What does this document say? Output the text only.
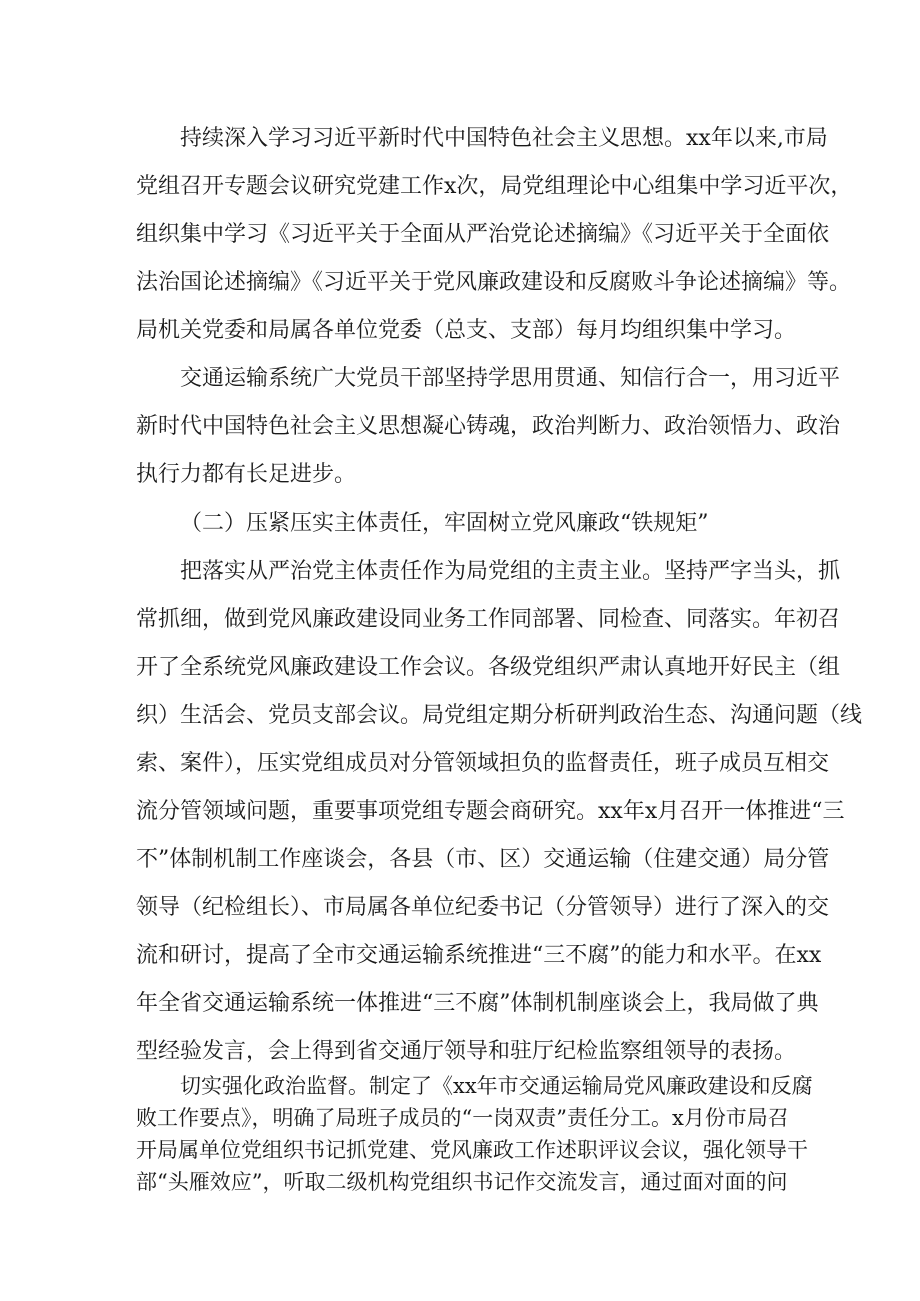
持续深入学习习近平新时代中国特色社会主义思想。xx年以来,市局
党组召开专题会议研究党建工作x次，局党组理论中心组集中学习近平次，
组织集中学习《习近平关于全面从严治党论述摘编》《习近平关于全面依
法治国论述摘编》《习近平关于党风廉政建设和反腐败斗争论述摘编》等。
局机关党委和局属各单位党委（总支、支部）每月均组织集中学习。
交通运输系统广大党员干部坚持学思用贯通、知信行合一，用习近平
新时代中国特色社会主义思想凝心铸魂，政治判断力、政治领悟力、政治
执行力都有长足进步。
（二）压紧压实主体责任，牢固树立党风廉政“铁规矩”
把落实从严治党主体责任作为局党组的主责主业。坚持严字当头，抓
常抓细，做到党风廉政建设同业务工作同部署、同检查、同落实。年初召
开了全系统党风廉政建设工作会议。各级党组织严肃认真地开好民主（组
织）生活会、党员支部会议。局党组定期分析研判政治生态、沟通问题（线
索、案件），压实党组成员对分管领域担负的监督责任，班子成员互相交
流分管领域问题，重要事项党组专题会商研究。xx年x月召开一体推进“三
不”体制机制工作座谈会，各县（市、区）交通运输（住建交通）局分管
领导（纪检组长）、市局属各单位纪委书记（分管领导）进行了深入的交
流和研讨，提高了全市交通运输系统推进“三不腐”的能力和水平。在xx
年全省交通运输系统一体推进“三不腐”体制机制座谈会上，我局做了典
型经验发言，会上得到省交通厅领导和驻厅纪检监察组领导的表扬。
切实强化政治监督。制定了《xx年市交通运输局党风廉政建设和反腐
败工作要点》，明确了局班子成员的“一岗双责”责任分工。x月份市局召
开局属单位党组织书记抓党建、党风廉政工作述职评议会议，强化领导干
部“头雁效应”，听取二级机构党组织书记作交流发言，通过面对面的问
